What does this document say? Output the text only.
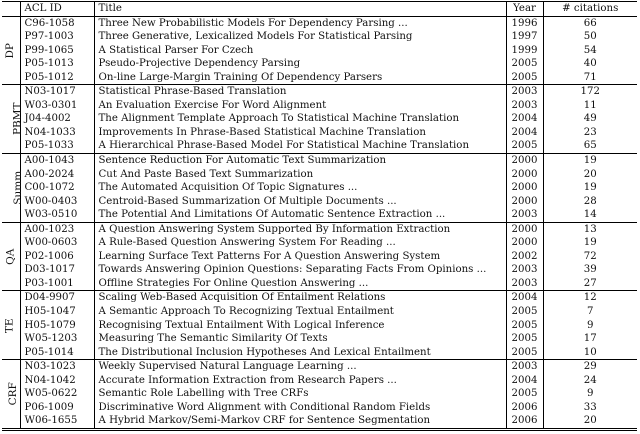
	ACL ID	Title	Year	# citations
DP	C96-1058	Three New Probabilistic Models For Dependency Parsing ...	1996	66
	P97-1003	Three Generative, Lexicalized Models For Statistical Parsing	1997	50
	P99-1065	A Statistical Parser For Czech	1999	54
	P05-1013	Pseudo-Projective Dependency Parsing	2005	40
	P05-1012	On-line Large-Margin Training Of Dependency Parsers	2005	71
PBMT	N03-1017	Statistical Phrase-Based Translation	2003	172
	W03-0301	An Evaluation Exercise For Word Alignment	2003	11
	J04-4002	The Alignment Template Approach To Statistical Machine Translation	2004	49
	N04-1033	Improvements In Phrase-Based Statistical Machine Translation	2004	23
	P05-1033	A Hierarchical Phrase-Based Model For Statistical Machine Translation	2005	65
Summ	A00-1043	Sentence Reduction For Automatic Text Summarization	2000	19
	A00-2024	Cut And Paste Based Text Summarization	2000	20
	C00-1072	The Automated Acquisition Of Topic Signatures ...	2000	19
	W00-0403	Centroid-Based Summarization Of Multiple Documents ...	2000	28
	W03-0510	The Potential And Limitations Of Automatic Sentence Extraction ...	2003	14
QA	A00-1023	A Question Answering System Supported By Information Extraction	2000	13
	W00-0603	A Rule-Based Question Answering System For Reading ...	2000	19
	P02-1006	Learning Surface Text Patterns For A Question Answering System	2002	72
	D03-1017	Towards Answering Opinion Questions: Separating Facts From Opinions ...	2003	39
	P03-1001	Offline Strategies For Online Question Answering ...	2003	27
TE	D04-9907	Scaling Web-Based Acquisition Of Entailment Relations	2004	12
	H05-1047	A Semantic Approach To Recognizing Textual Entailment	2005	7
	H05-1079	Recognising Textual Entailment With Logical Inference	2005	9
	W05-1203	Measuring The Semantic Similarity Of Texts	2005	17
	P05-1014	The Distributional Inclusion Hypotheses And Lexical Entailment	2005	10
CRF	N03-1023	Weekly Supervised Natural Language Learning ...	2003	29
	N04-1042	Accurate Information Extraction from Research Papers ...	2004	24
	W05-0622	Semantic Role Labelling with Tree CRFs	2005	9
	P06-1009	Discriminative Word Alignment with Conditional Random Fields	2006	33
	W06-1655	A Hybrid Markov/Semi-Markov CRF for Sentence Segmentation	2006	20
